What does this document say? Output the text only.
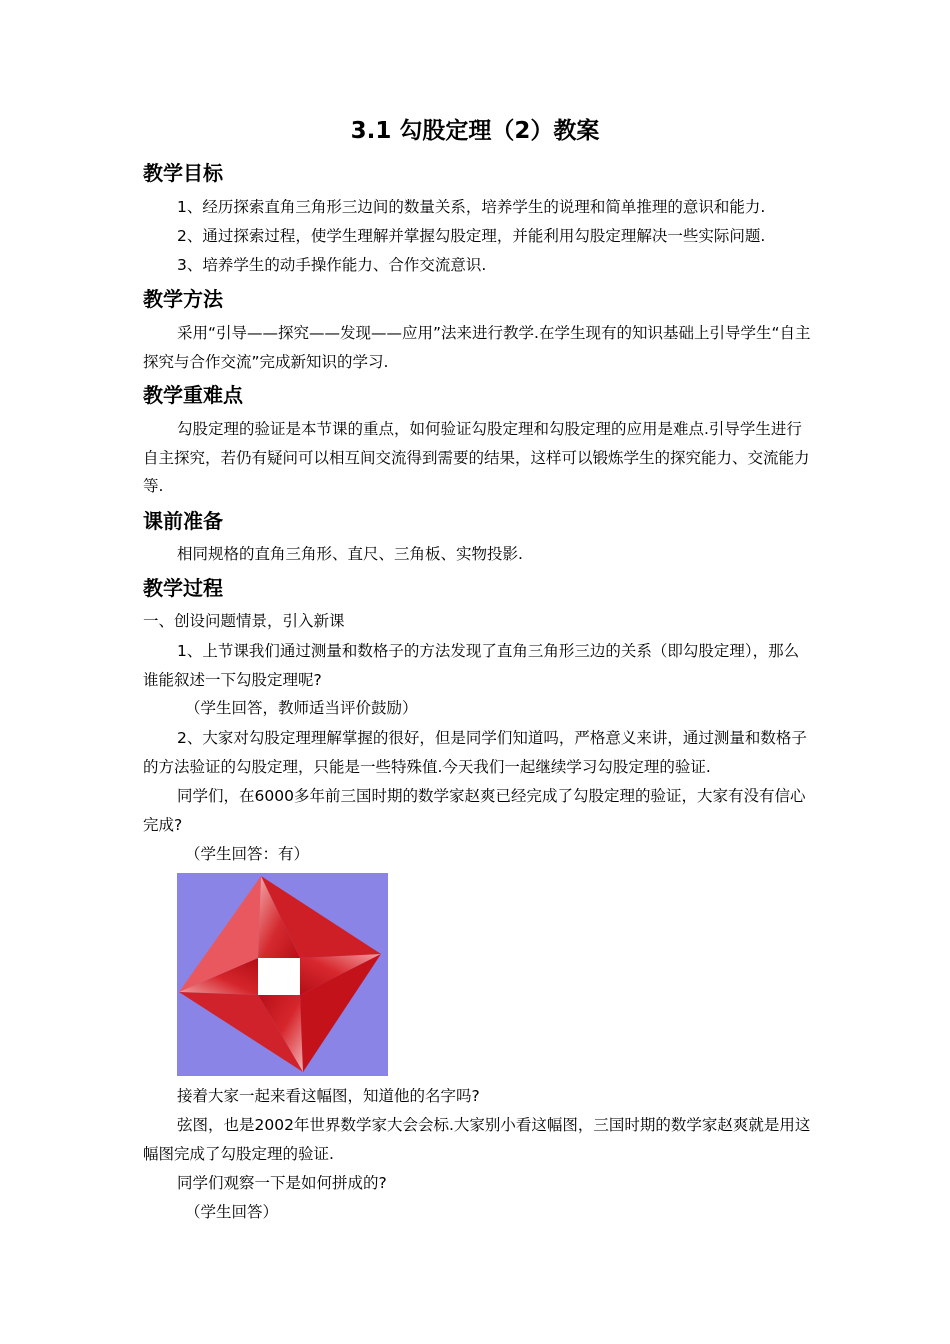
3.1 勾股定理（2）教案
教学目标

1、经历探索直角三角形三边间的数量关系，培养学生的说理和简单推理的意识和能力.

2、通过探索过程，使学生理解并掌握勾股定理，并能利用勾股定理解决一些实际问题.

3、培养学生的动手操作能力、合作交流意识.

教学方法

采用“引导——探究——发现——应用”法来进行教学.在学生现有的知识基础上引导学生“自主探究与合作交流”完成新知识的学习.

教学重难点

勾股定理的验证是本节课的重点，如何验证勾股定理和勾股定理的应用是难点.引导学生进行自主探究，若仍有疑问可以相互间交流得到需要的结果，这样可以锻炼学生的探究能力、交流能力等.

课前准备

相同规格的直角三角形、直尺、三角板、实物投影.

教学过程

一、创设问题情景，引入新课

1、上节课我们通过测量和数格子的方法发现了直角三角形三边的关系（即勾股定理），那么谁能叙述一下勾股定理呢?

（学生回答，教师适当评价鼓励）

2、大家对勾股定理理解掌握的很好，但是同学们知道吗，严格意义来讲，通过测量和数格子的方法验证的勾股定理，只能是一些特殊值.今天我们一起继续学习勾股定理的验证.

同学们，在6000多年前三国时期的数学家赵爽已经完成了勾股定理的验证，大家有没有信心完成?

（学生回答：有）

接着大家一起来看这幅图，知道他的名字吗?

弦图，也是2002年世界数学家大会会标.大家别小看这幅图，三国时期的数学家赵爽就是用这幅图完成了勾股定理的验证.

同学们观察一下是如何拼成的?

（学生回答）
